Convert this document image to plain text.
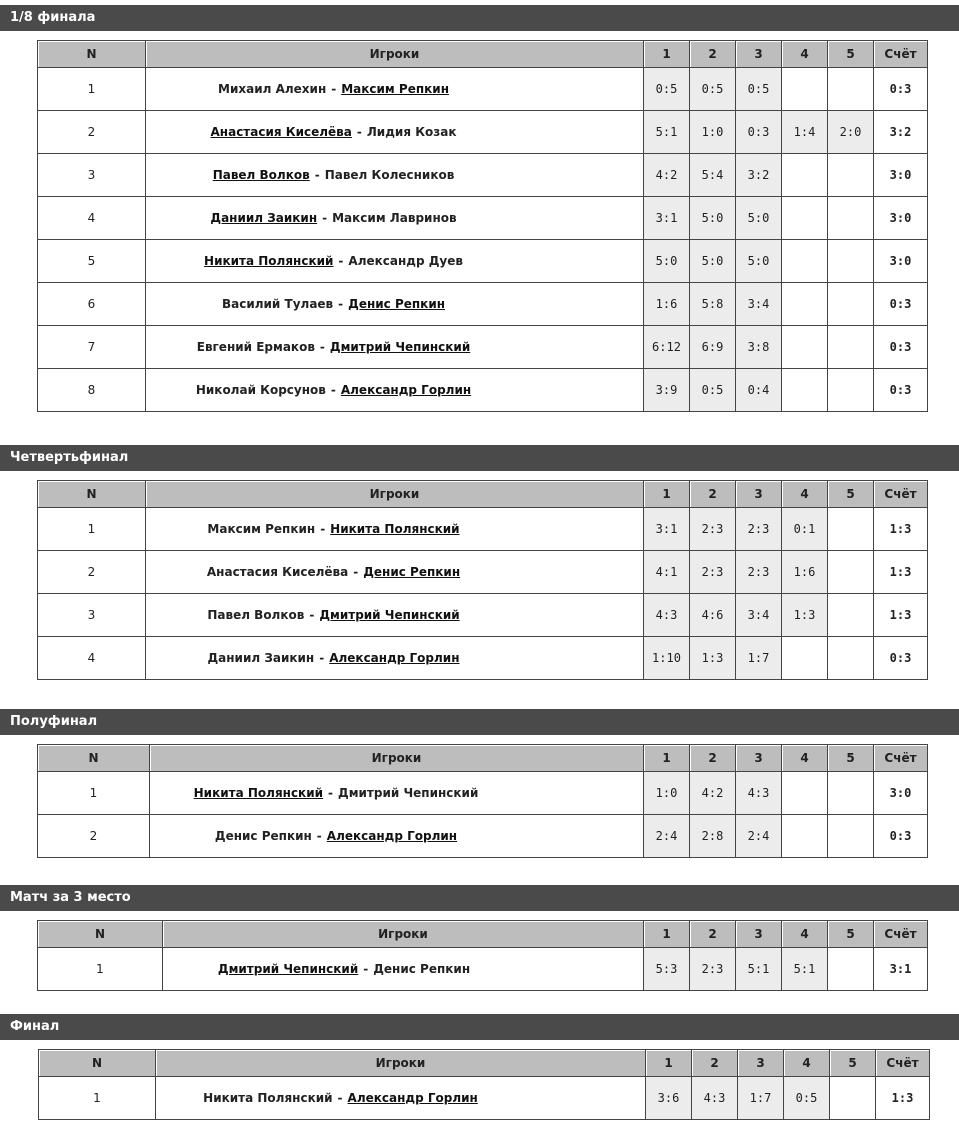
1/8 финала
N	Игроки	1	2	3	4	5	Счёт
1	Михаил Алехин - Максим Репкин	0:5	0:5	0:5			0:3
2	Анастасия Киселёва - Лидия Козак	5:1	1:0	0:3	1:4	2:0	3:2
3	Павел Волков - Павел Колесников	4:2	5:4	3:2			3:0
4	Даниил Заикин - Максим Лавринов	3:1	5:0	5:0			3:0
5	Никита Полянский - Александр Дуев	5:0	5:0	5:0			3:0
6	Василий Тулаев - Денис Репкин	1:6	5:8	3:4			0:3
7	Евгений Ермаков - Дмитрий Чепинский	6:12	6:9	3:8			0:3
8	Николай Корсунов - Александр Горлин	3:9	0:5	0:4			0:3
Четвертьфинал
N	Игроки	1	2	3	4	5	Счёт
1	Максим Репкин - Никита Полянский	3:1	2:3	2:3	0:1		1:3
2	Анастасия Киселёва - Денис Репкин	4:1	2:3	2:3	1:6		1:3
3	Павел Волков - Дмитрий Чепинский	4:3	4:6	3:4	1:3		1:3
4	Даниил Заикин - Александр Горлин	1:10	1:3	1:7			0:3
Полуфинал
N	Игроки	1	2	3	4	5	Счёт
1	Никита Полянский - Дмитрий Чепинский	1:0	4:2	4:3			3:0
2	Денис Репкин - Александр Горлин	2:4	2:8	2:4			0:3
Матч за 3 место
N	Игроки	1	2	3	4	5	Счёт
1	Дмитрий Чепинский - Денис Репкин	5:3	2:3	5:1	5:1		3:1
Финал
N	Игроки	1	2	3	4	5	Счёт
1	Никита Полянский - Александр Горлин	3:6	4:3	1:7	0:5		1:3
